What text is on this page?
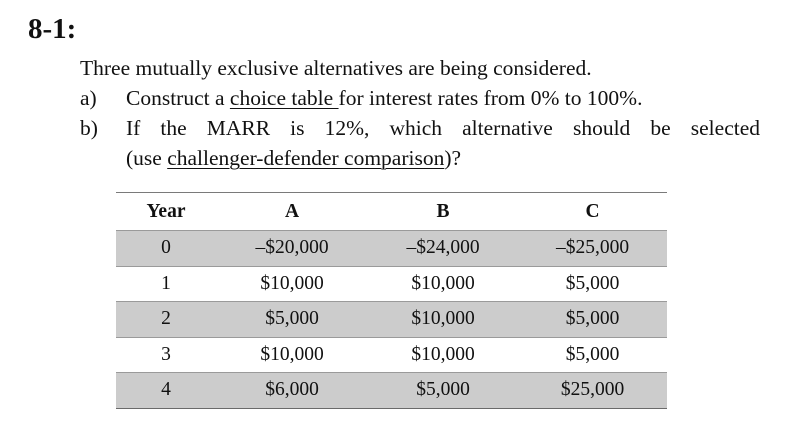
8-1:
Three mutually exclusive alternatives are being considered.
a) Construct a choice table for interest rates from 0% to 100%.
b) If the MARR is 12%, which alternative should be selected
(use challenger-defender comparison)?
Year	A	B	C
0	–$20,000	–$24,000	–$25,000
1	$10,000	$10,000	$5,000
2	$5,000	$10,000	$5,000
3	$10,000	$10,000	$5,000
4	$6,000	$5,000	$25,000
